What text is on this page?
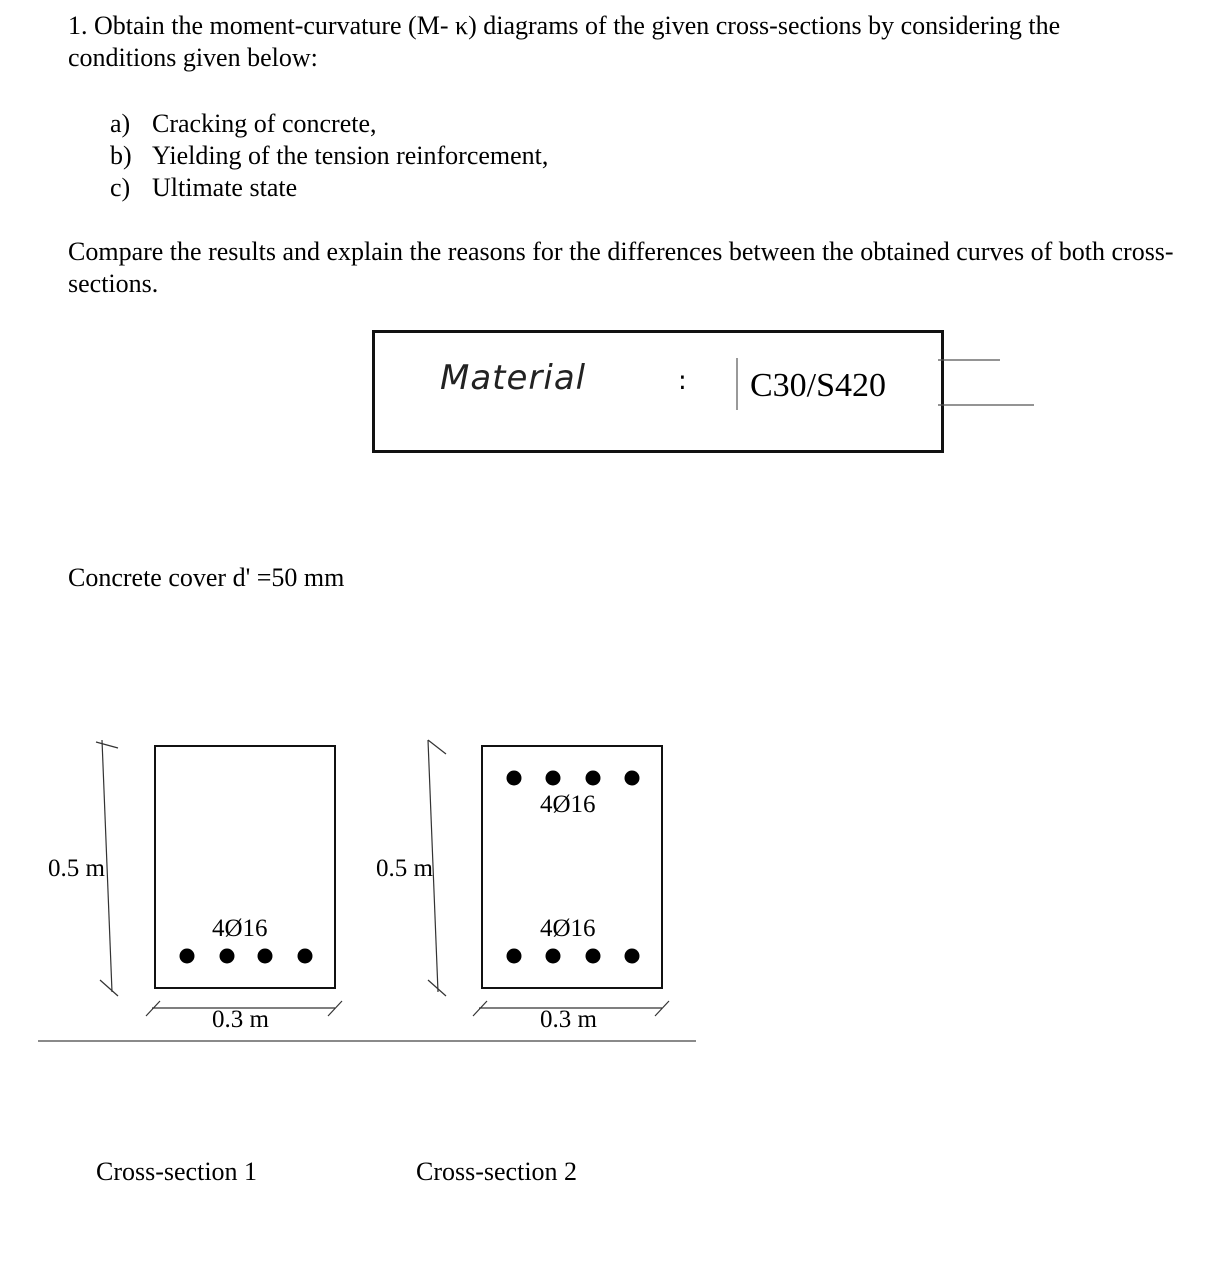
1. Obtain the moment-curvature (M- κ) diagrams of the given cross-sections by considering the conditions given below:
a) Cracking of concrete,
b) Yielding of the tension reinforcement,
c) Ultimate state
Compare the results and explain the reasons for the differences between the obtained curves of both cross-sections.
Material	: C30/S420
Concrete cover d' =50 mm
0.5 m
4Ø16
0.3 m
0.5 m
4Ø16
4Ø16
0.3 m
Cross-section 1	Cross-section 2
